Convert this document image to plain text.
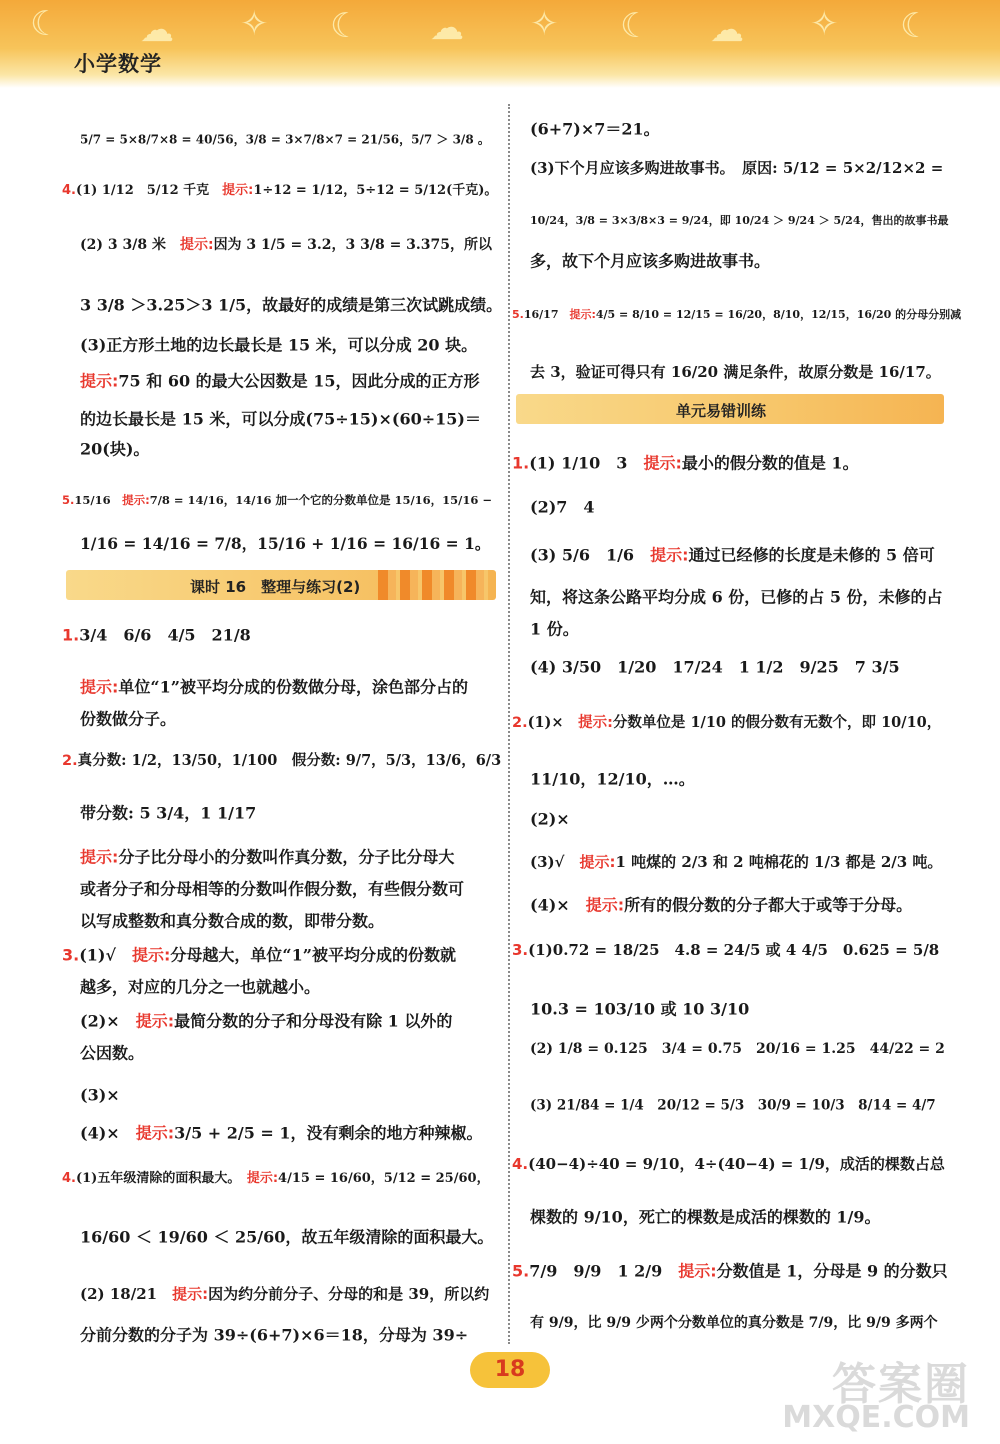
☾ ☁ ✧ ☾ ☁ ✧ ☾ ☁ ✧ ☾
小学数学
5/7 = 5×8/7×8 = 40/56，3/8 = 3×7/8×7 = 21/56，5/7 ＞ 3/8 。
4.(1) 1/12　5/12 千克　提示:1÷12 = 1/12，5÷12 = 5/12(千克)。
(2) 3 3/8 米　提示:因为 3 1/5 = 3.2，3 3/8 = 3.375，所以
3 3/8 ＞3.25＞3 1/5，故最好的成绩是第三次试跳成绩。
(3)正方形土地的边长最长是 15 米，可以分成 20 块。
提示:75 和 60 的最大公因数是 15，因此分成的正方形
的边长最长是 15 米，可以分成(75÷15)×(60÷15)＝
20(块)。
5.15/16　提示:7/8 = 14/16，14/16 加一个它的分数单位是 15/16，15/16 −
1/16 = 14/16 = 7/8，15/16 + 1/16 = 16/16 = 1。
1.3/4　6/6　4/5　21/8
提示:单位“1”被平均分成的份数做分母，涂色部分占的
份数做分子。
2.真分数: 1/2，13/50，1/100　假分数: 9/7，5/3，13/6，6/3
带分数: 5 3/4，1 1/17
提示:分子比分母小的分数叫作真分数，分子比分母大
或者分子和分母相等的分数叫作假分数，有些假分数可
以写成整数和真分数合成的数，即带分数。
3.(1)√　提示:分母越大，单位“1”被平均分成的份数就
越多，对应的几分之一也就越小。
(2)×　提示:最简分数的分子和分母没有除 1 以外的
公因数。
(3)×
(4)×　提示:3/5 + 2/5 = 1，没有剩余的地方种辣椒。
4.(1)五年级清除的面积最大。　提示:4/15 = 16/60，5/12 = 25/60，
16/60 ＜ 19/60 ＜ 25/60，故五年级清除的面积最大。
(2) 18/21　提示:因为约分前分子、分母的和是 39，所以约
分前分数的分子为 39÷(6+7)×6＝18，分母为 39÷
(6+7)×7＝21。
(3)下个月应该多购进故事书。　原因: 5/12 = 5×2/12×2 =
10/24，3/8 = 3×3/8×3 = 9/24，即 10/24 ＞ 9/24 ＞ 5/24，售出的故事书最
多，故下个月应该多购进故事书。
5.16/17　提示:4/5 = 8/10 = 12/15 = 16/20，8/10，12/15，16/20 的分母分别减
去 3，验证可得只有 16/20 满足条件，故原分数是 16/17。
1.(1) 1/10　3　提示:最小的假分数的值是 1。
(2)7　4
(3) 5/6　1/6　提示:通过已经修的长度是未修的 5 倍可
知，将这条公路平均分成 6 份，已修的占 5 份，未修的占
1 份。
(4) 3/50　1/20　17/24　1 1/2　9/25　7 3/5
2.(1)×　提示:分数单位是 1/10 的假分数有无数个，即 10/10，
11/10，12/10，…。
(2)×
(3)√　提示:1 吨煤的 2/3 和 2 吨棉花的 1/3 都是 2/3 吨。
(4)×　提示:所有的假分数的分子都大于或等于分母。
3.(1)0.72 = 18/25　4.8 = 24/5 或 4 4/5　0.625 = 5/8
10.3 = 103/10 或 10 3/10
(2) 1/8 = 0.125　3/4 = 0.75　20/16 = 1.25　44/22 = 2
(3) 21/84 = 1/4　20/12 = 5/3　30/9 = 10/3　8/14 = 4/7
4.(40−4)÷40 = 9/10，4÷(40−4) = 1/9，成活的棵数占总
棵数的 9/10，死亡的棵数是成活的棵数的 1/9。
5.7/9　9/9　1 2/9　提示:分数值是 1，分母是 9 的分数只
有 9/9，比 9/9 少两个分数单位的真分数是 7/9，比 9/9 多两个
课时 16　整理与练习(2)
单元易错训练
18	答案圈
MXQE.COM
